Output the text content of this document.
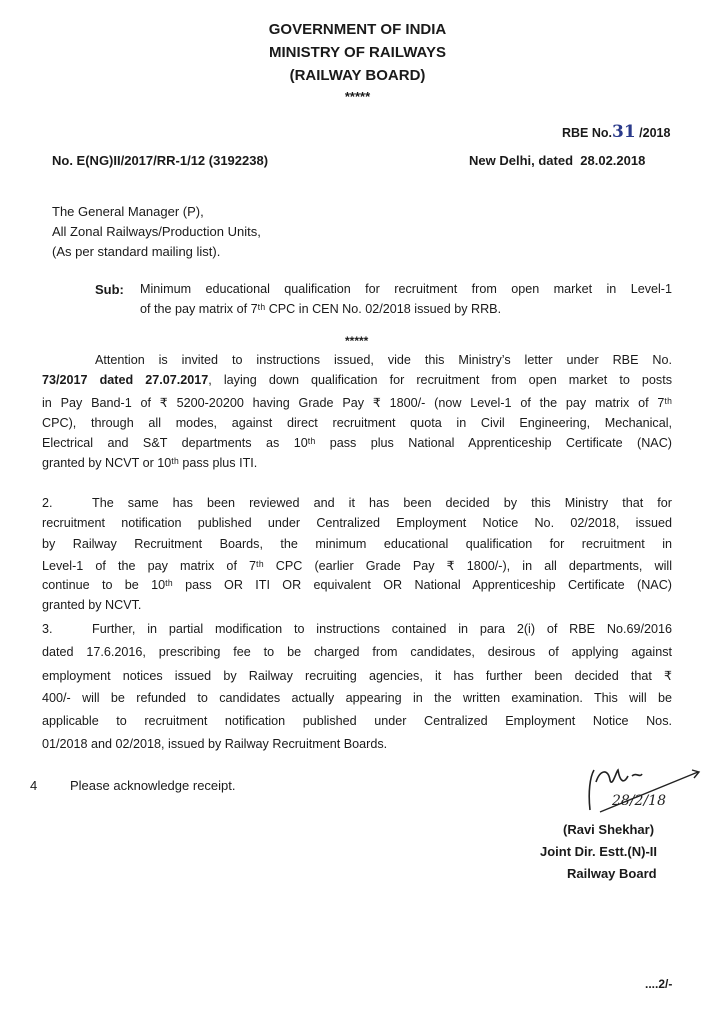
GOVERNMENT OF INDIA
MINISTRY OF RAILWAYS
(RAILWAY BOARD)
*****
RBE No.31 /2018
No. E(NG)II/2017/RR-1/12 (3192238)	New Delhi, dated 28.02.2018
The General Manager (P),
All Zonal Railways/Production Units,
(As per standard mailing list).
Sub: Minimum educational qualification for recruitment from open market in Level-1
of the pay matrix of 7ᵗʰ CPC in CEN No. 02/2018 issued by RRB.
*****
Attention is invited to instructions issued, vide this Ministry’s letter under RBE No.
73/2017 dated 27.07.2017, laying down qualification for recruitment from open market to posts
in Pay Band-1 of ₹ 5200-20200 having Grade Pay ₹ 1800/- (now Level-1 of the pay matrix of 7ᵗʰ
CPC), through all modes, against direct recruitment quota in Civil Engineering, Mechanical,
Electrical and S&T departments as 10ᵗʰ pass plus National Apprenticeship Certificate (NAC)
granted by NCVT or 10ᵗʰ pass plus ITI.
2.	The same has been reviewed and it has been decided by this Ministry that for
recruitment notification published under Centralized Employment Notice No. 02/2018, issued
by Railway Recruitment Boards, the minimum educational qualification for recruitment in
Level-1 of the pay matrix of 7ᵗʰ CPC (earlier Grade Pay ₹ 1800/-), in all departments, will
continue to be 10ᵗʰ pass OR ITI OR equivalent OR National Apprenticeship Certificate (NAC)
granted by NCVT.
3.	Further, in partial modification to instructions contained in para 2(i) of RBE No.69/2016
dated 17.6.2016, prescribing fee to be charged from candidates, desirous of applying against
employment notices issued by Railway recruiting agencies, it has further been decided that ₹
400/- will be refunded to candidates actually appearing in the written examination. This will be
applicable to recruitment notification published under Centralized Employment Notice Nos.
01/2018 and 02/2018, issued by Railway Recruitment Boards.
4	Please acknowledge receipt.
28/2/18
(Ravi Shekhar)
Joint Dir. Estt.(N)-II
Railway Board
....2/-
